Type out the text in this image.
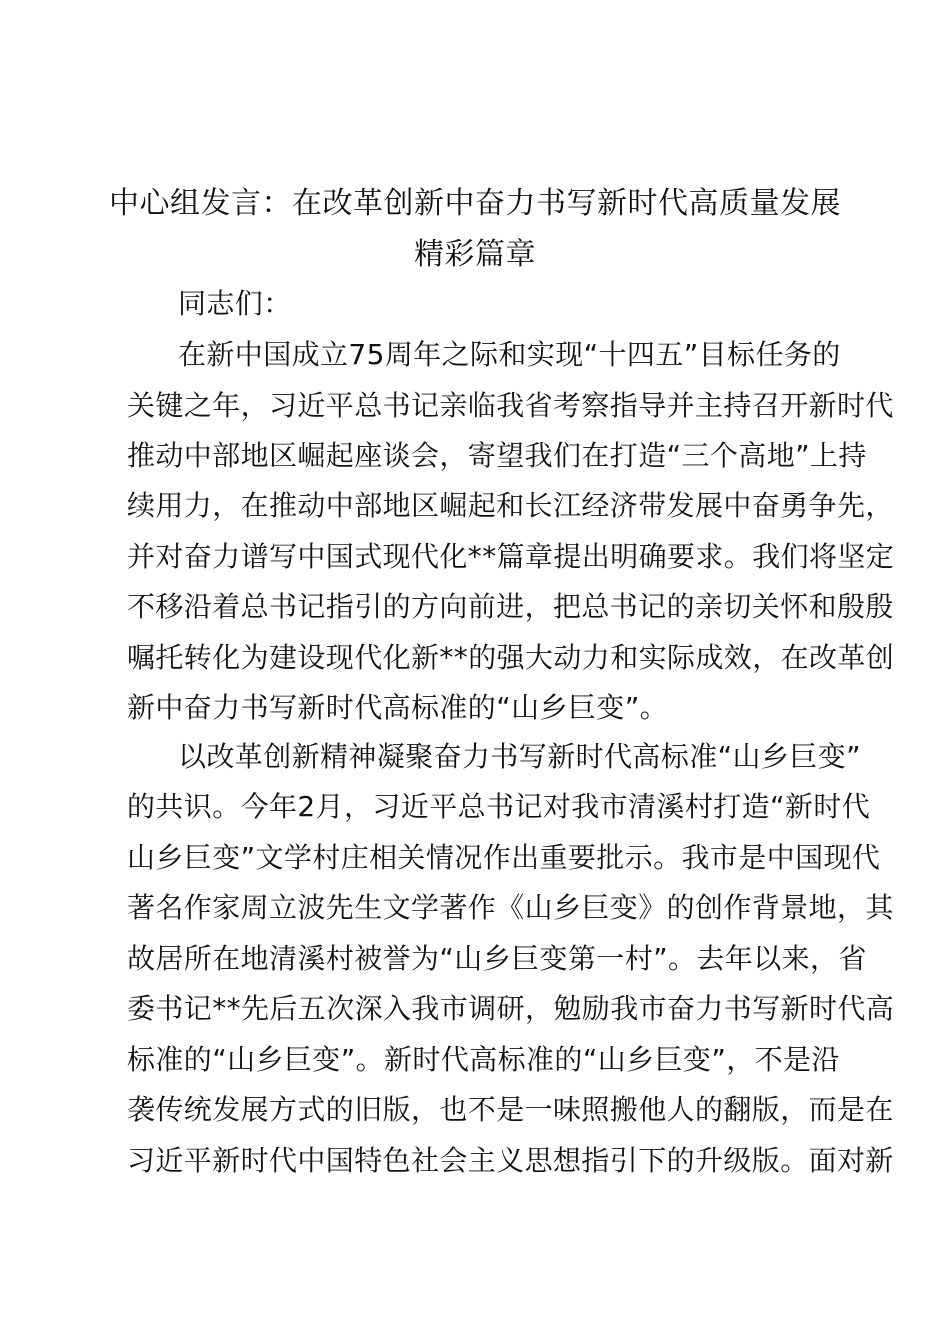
中心组发言：在改革创新中奋力书写新时代高质量发展
精彩篇章
同志们：
在新中国成立75周年之际和实现“十四五”目标任务的
关键之年，习近平总书记亲临我省考察指导并主持召开新时代
推动中部地区崛起座谈会，寄望我们在打造“三个高地”上持
续用力，在推动中部地区崛起和长江经济带发展中奋勇争先，
并对奋力谱写中国式现代化**篇章提出明确要求。我们将坚定
不移沿着总书记指引的方向前进，把总书记的亲切关怀和殷殷
嘱托转化为建设现代化新**的强大动力和实际成效，在改革创
新中奋力书写新时代高标准的“山乡巨变”。
以改革创新精神凝聚奋力书写新时代高标准“山乡巨变”
的共识。今年2月，习近平总书记对我市清溪村打造“新时代
山乡巨变”文学村庄相关情况作出重要批示。我市是中国现代
著名作家周立波先生文学著作《山乡巨变》的创作背景地，其
故居所在地清溪村被誉为“山乡巨变第一村”。去年以来，省
委书记**先后五次深入我市调研，勉励我市奋力书写新时代高
标准的“山乡巨变”。新时代高标准的“山乡巨变”，不是沿
袭传统发展方式的旧版，也不是一味照搬他人的翻版，而是在
习近平新时代中国特色社会主义思想指引下的升级版。面对新
